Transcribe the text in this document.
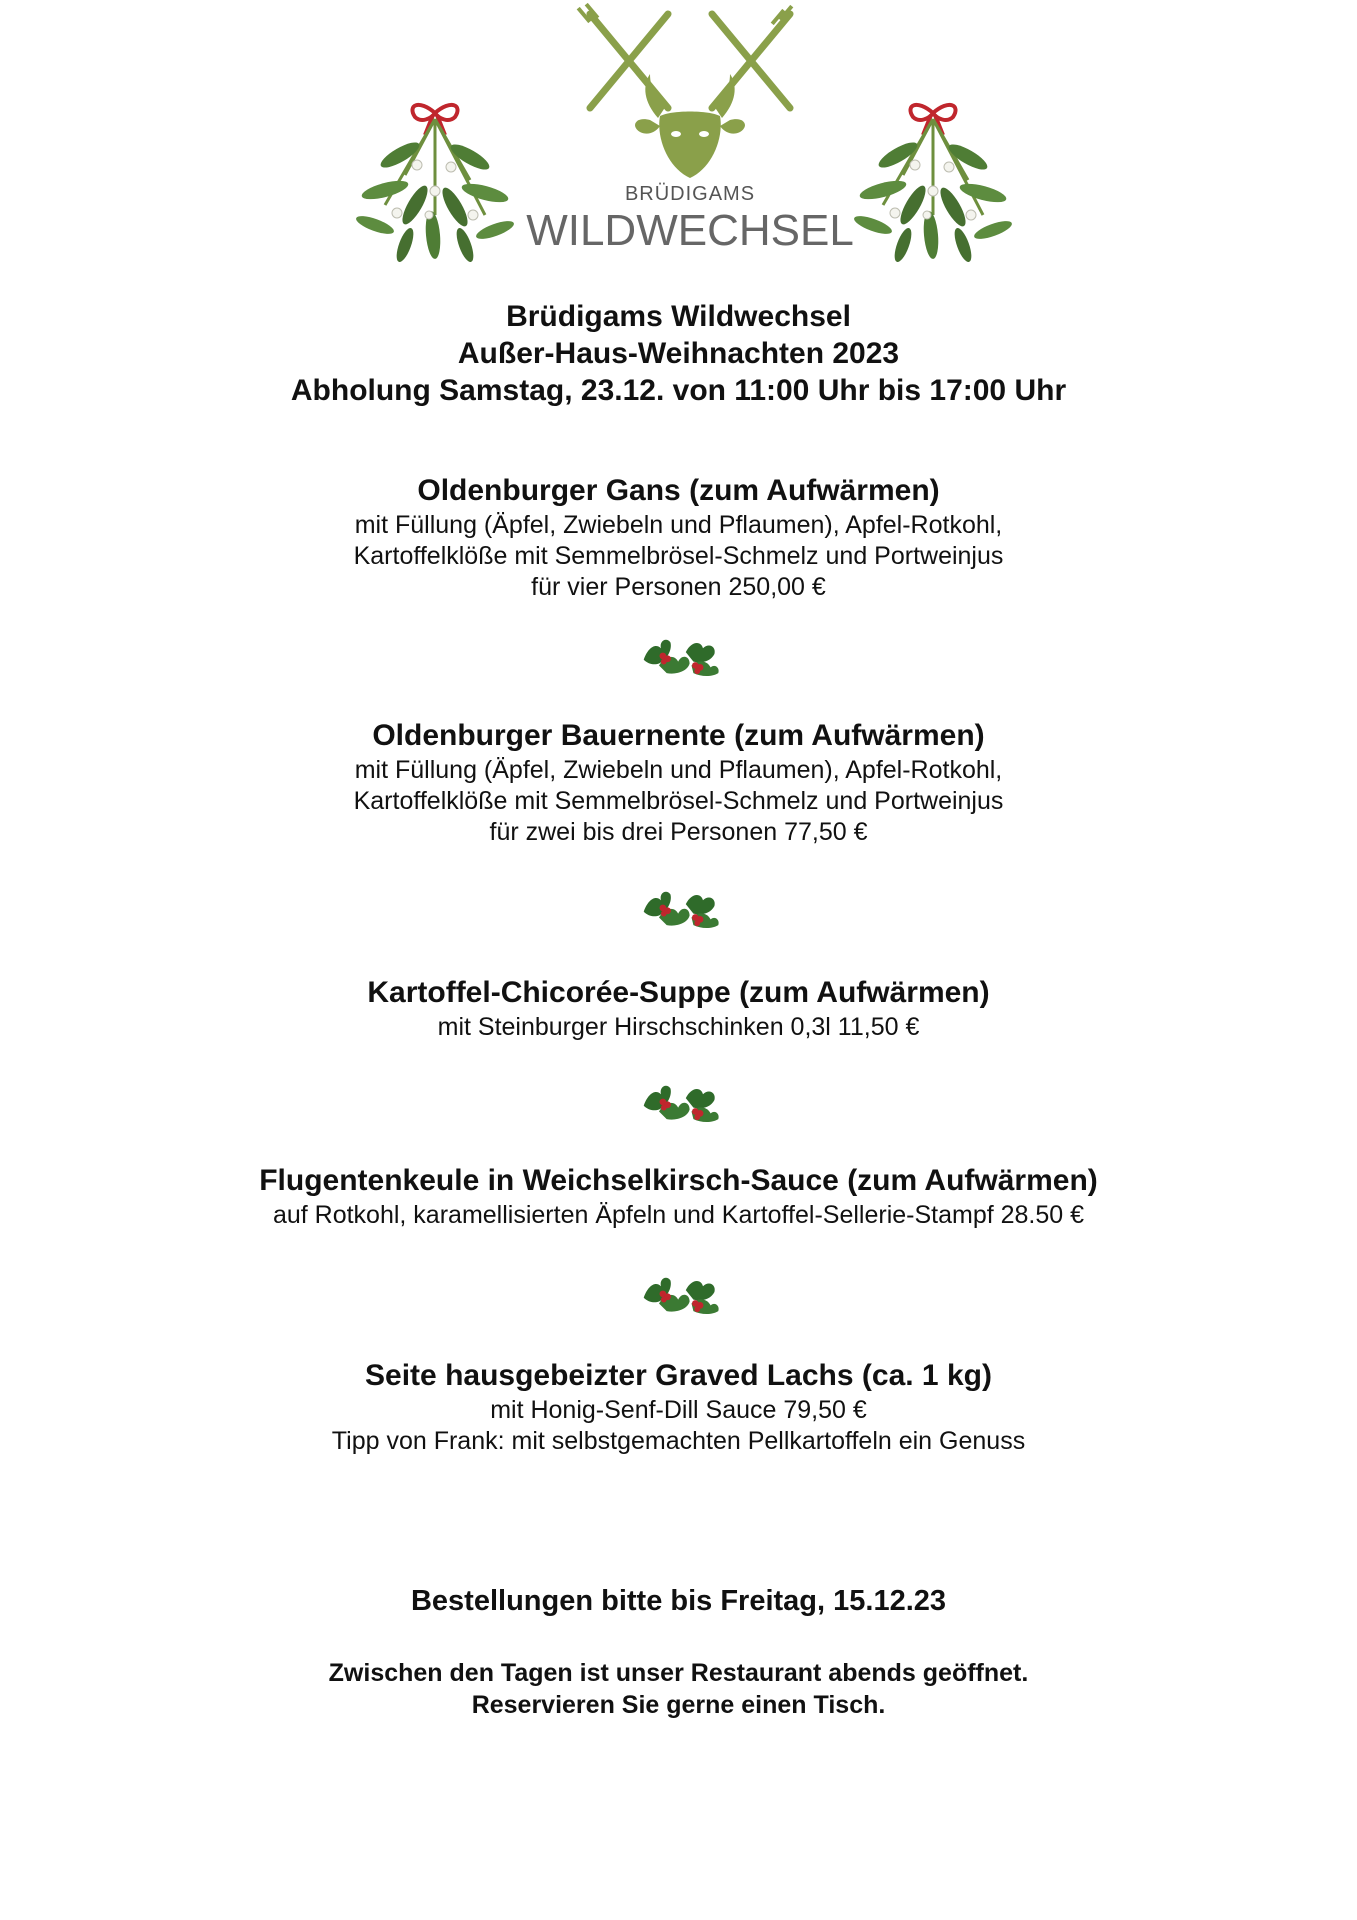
BRÜDIGAMS
WILDWECHSEL
Brüdigams Wildwechsel
Außer-Haus-Weihnachten 2023
Abholung Samstag, 23.12. von 11:00 Uhr bis 17:00 Uhr
Oldenburger Gans (zum Aufwärmen)
mit Füllung (Äpfel, Zwiebeln und Pflaumen), Apfel-Rotkohl,
Kartoffelklöße mit Semmelbrösel-Schmelz und Portweinjus
für vier Personen 250,00 €
Oldenburger Bauernente (zum Aufwärmen)
mit Füllung (Äpfel, Zwiebeln und Pflaumen), Apfel-Rotkohl,
Kartoffelklöße mit Semmelbrösel-Schmelz und Portweinjus
für zwei bis drei Personen 77,50 €
Kartoffel-Chicorée-Suppe (zum Aufwärmen)
mit Steinburger Hirschschinken 0,3l 11,50 €
Flugentenkeule in Weichselkirsch-Sauce (zum Aufwärmen)
auf Rotkohl, karamellisierten Äpfeln und Kartoffel-Sellerie-Stampf 28.50 €
Seite hausgebeizter Graved Lachs (ca. 1 kg)
mit Honig-Senf-Dill Sauce 79,50 €
Tipp von Frank: mit selbstgemachten Pellkartoffeln ein Genuss
Bestellungen bitte bis Freitag, 15.12.23
Zwischen den Tagen ist unser Restaurant abends geöffnet.
Reservieren Sie gerne einen Tisch.
